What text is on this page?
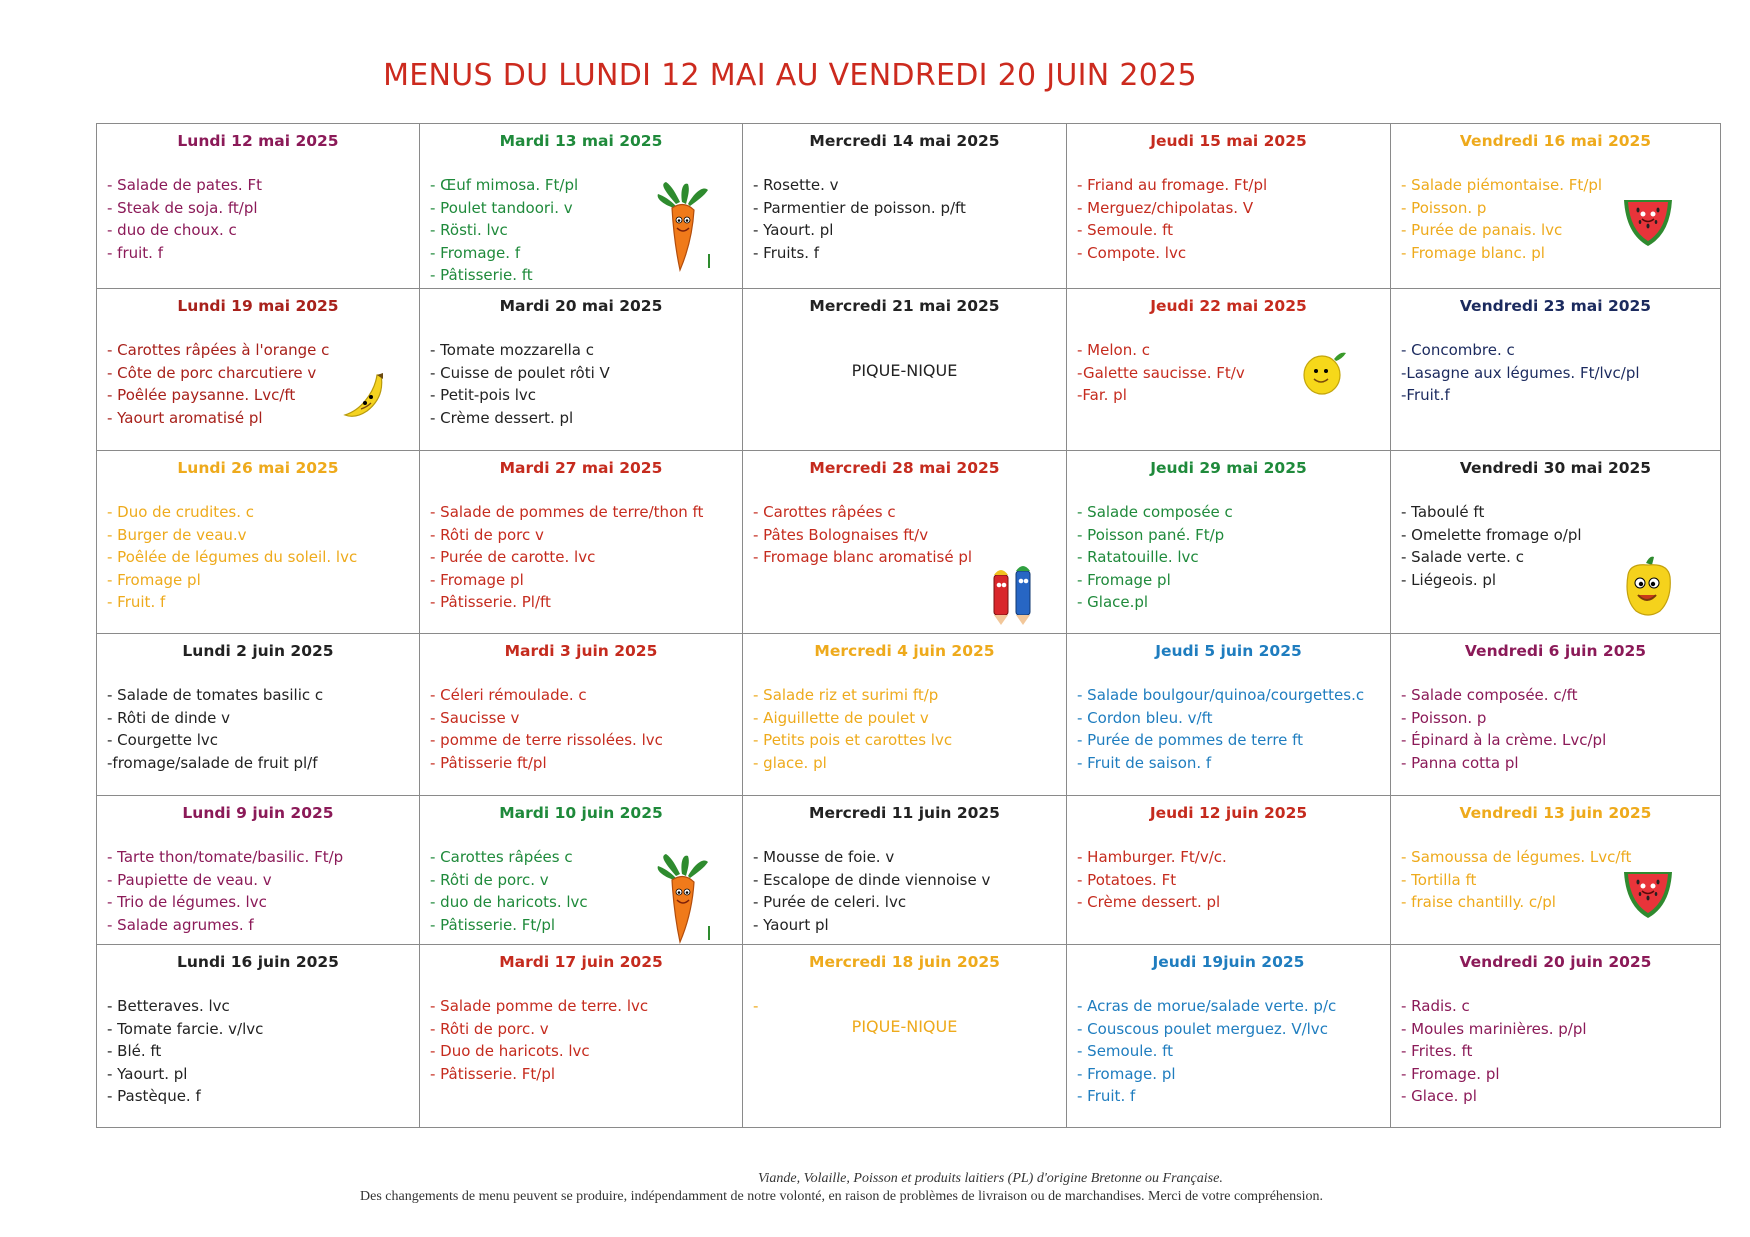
MENUS DU LUNDI 12 MAI AU VENDREDI 20 JUIN 2025
Lundi 12 mai 2025
- Salade de pates. Ft
- Steak de soja. ft/pl
- duo de choux. c
- fruit. f
Mardi 13 mai 2025
- Œuf mimosa. Ft/pl
- Poulet tandoori. v
- Rösti. lvc
- Fromage. f
- Pâtisserie. ft
Mercredi 14 mai 2025
- Rosette. v
- Parmentier de poisson. p/ft
- Yaourt. pl
- Fruits. f
Jeudi 15 mai 2025
- Friand au fromage. Ft/pl
- Merguez/chipolatas. V
- Semoule. ft
- Compote. lvc
Vendredi 16 mai 2025
- Salade piémontaise. Ft/pl
- Poisson. p
- Purée de panais. lvc
- Fromage blanc. pl
Lundi 19 mai 2025
- Carottes râpées à l'orange c
- Côte de porc charcutiere v
- Poêlée paysanne. Lvc/ft
- Yaourt aromatisé pl
Mardi 20 mai 2025
- Tomate mozzarella c
- Cuisse de poulet rôti V
- Petit-pois lvc
- Crème dessert. pl
Mercredi 21 mai 2025
PIQUE-NIQUE
Jeudi 22 mai 2025
- Melon. c
-Galette saucisse. Ft/v
-Far. pl
Vendredi 23 mai 2025
- Concombre. c
-Lasagne aux légumes. Ft/lvc/pl
-Fruit.f
Lundi 26 mai 2025
- Duo de crudites. c
- Burger de veau.v
- Poêlée de légumes du soleil. lvc
- Fromage pl
- Fruit. f
Mardi 27 mai 2025
- Salade de pommes de terre/thon ft
- Rôti de porc v
- Purée de carotte. lvc
- Fromage pl
- Pâtisserie. Pl/ft
Mercredi 28 mai 2025
- Carottes râpées c
- Pâtes Bolognaises ft/v
- Fromage blanc aromatisé pl
Jeudi 29 mai 2025
- Salade composée c
- Poisson pané. Ft/p
- Ratatouille. lvc
- Fromage pl
- Glace.pl
Vendredi 30 mai 2025
- Taboulé ft
- Omelette fromage o/pl
- Salade verte. c
- Liégeois. pl
Lundi 2 juin 2025
- Salade de tomates basilic c
- Rôti de dinde v
- Courgette lvc
-fromage/salade de fruit pl/f
Mardi 3 juin 2025
- Céleri rémoulade. c
- Saucisse v
- pomme de terre rissolées. lvc
- Pâtisserie ft/pl
Mercredi 4 juin 2025
- Salade riz et surimi ft/p
- Aiguillette de poulet v
- Petits pois et carottes lvc
- glace. pl
Jeudi 5 juin 2025
- Salade boulgour/quinoa/courgettes.c
- Cordon bleu. v/ft
- Purée de pommes de terre ft
- Fruit de saison. f
Vendredi 6 juin 2025
- Salade composée. c/ft
- Poisson. p
- Épinard à la crème. Lvc/pl
- Panna cotta pl
Lundi 9 juin 2025
- Tarte thon/tomate/basilic. Ft/p
- Paupiette de veau. v
- Trio de légumes. lvc
- Salade agrumes. f
Mardi 10 juin 2025
- Carottes râpées c
- Rôti de porc. v
- duo de haricots. lvc
- Pâtisserie. Ft/pl
Mercredi 11 juin 2025
- Mousse de foie. v
- Escalope de dinde viennoise v
- Purée de celeri. lvc
- Yaourt pl
Jeudi 12 juin 2025
- Hamburger. Ft/v/c.
- Potatoes. Ft
- Crème dessert. pl
Vendredi 13 juin 2025
- Samoussa de légumes. Lvc/ft
- Tortilla ft
- fraise chantilly. c/pl
Lundi 16 juin 2025
- Betteraves. lvc
- Tomate farcie. v/lvc
- Blé. ft
- Yaourt. pl
- Pastèque. f
Mardi 17 juin 2025
- Salade pomme de terre. lvc
- Rôti de porc. v
- Duo de haricots. lvc
- Pâtisserie. Ft/pl
Mercredi 18 juin 2025
-
PIQUE-NIQUE
Jeudi 19juin 2025
- Acras de morue/salade verte. p/c
- Couscous poulet merguez. V/lvc
- Semoule. ft
- Fromage. pl
- Fruit. f
Vendredi 20 juin 2025
- Radis. c
- Moules marinières. p/pl
- Frites. ft
- Fromage. pl
- Glace. pl
Viande, Volaille, Poisson et produits laitiers (PL) d'origine Bretonne ou Française.
Des changements de menu peuvent se produire, indépendamment de notre volonté, en raison de problèmes de livraison ou de marchandises. Merci de votre compréhension.
